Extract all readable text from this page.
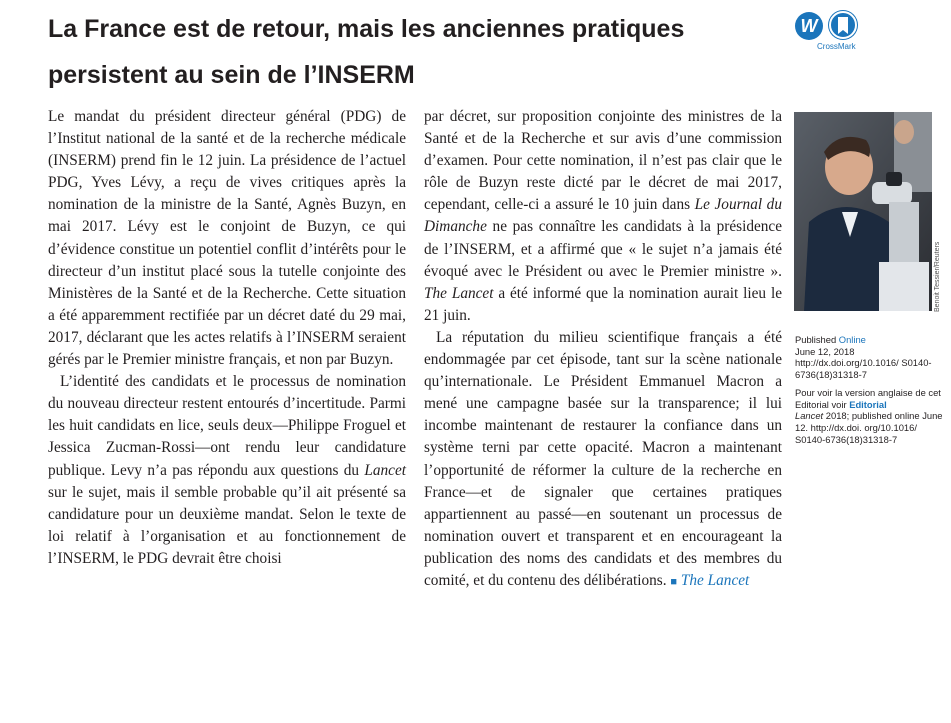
La France est de retour, mais les anciennes pratiques persistent au sein de l’INSERM
W
CrossMark

Le mandat du président directeur général (PDG) de l’Institut national de la santé et de la recherche médicale (INSERM) prend fin le 12 juin. La présidence de l’actuel PDG, Yves Lévy, a reçu de vives critiques après la nomination de la ministre de la Santé, Agnès Buzyn, en mai 2017. Lévy est le conjoint de Buzyn, ce qui d’évidence constitue un potentiel conflit d’intérêts pour le directeur d’un institut placé sous la tutelle conjointe des Ministères de la Santé et de la Recherche. Cette situation a été apparemment rectifiée par un décret daté du 29 mai, 2017, déclarant que les actes relatifs à l’INSERM seraient gérés par le Premier ministre français, et non par Buzyn.

L’identité des candidats et le processus de nomination du nouveau directeur restent entourés d’incertitude. Parmi les huit candidats en lice, seuls deux—Philippe Froguel et Jessica Zucman-Rossi—ont rendu leur candidature publique. Levy n’a pas répondu aux questions du Lancet sur le sujet, mais il semble probable qu’il ait présenté sa candidature pour un deuxième mandat. Selon le texte de loi relatif à l’organisation et au fonctionnement de l’INSERM, le PDG devrait être choisi

par décret, sur proposition conjointe des ministres de la Santé et de la Recherche et sur avis d’une commission d’examen. Pour cette nomination, il n’est pas clair que le rôle de Buzyn reste dicté par le décret de mai 2017, cependant, celle-ci a assuré le 10 juin dans Le Journal du Dimanche ne pas connaître les candidats à la présidence de l’INSERM, et a affirmé que « le sujet n’a jamais été évoqué avec le Président ou avec le Premier ministre ». The Lancet a été informé que la nomination aurait lieu le 21 juin.

La réputation du milieu scientifique français a été endommagée par cet épisode, tant sur la scène nationale qu’internationale. Le Président Emmanuel Macron a mené une campagne basée sur la transparence; il lui incombe maintenant de restaurer la confiance dans un système terni par cette opacité. Macron a maintenant l’opportunité de réformer la culture de la recherche en France—et de signaler que certaines pratiques appartiennent au passé—en soutenant un processus de nomination ouvert et transparent et en encourageant la publication des noms des candidats et des membres du comité, et du contenu des délibérations. ■ The Lancet

Benoit Tessier/Reuters
Published Online
June 12, 2018
http://dx.doi.org/10.1016/ S0140-6736(18)31318-7
Pour voir la version anglaise de cet Editorial voir Editorial
Lancet 2018; published online June 12. http://dx.doi. org/10.1016/ S0140-6736(18)31318-7
